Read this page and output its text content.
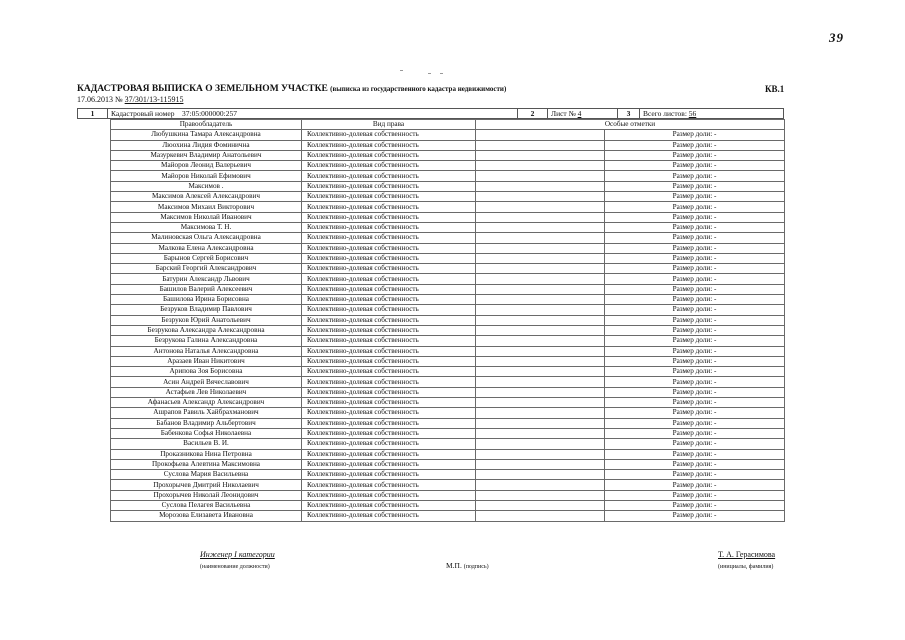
39
КАДАСТРОВАЯ ВЫПИСКА О ЗЕМЕЛЬНОМ УЧАСТКЕ (выписка из государственного кадастра недвижимости)	КВ.1
17.06.2013 № 37/301/13-115915
1	Кадастровый номер 37:05:000000:257	2	Лист № 4	3	Всего листов: 56
Правообладатель	Вид права	Особые отметки	
Любушкина Тамара Александровна	Коллективно-долевая собственность		Размер доли: -
Люохина Лидия Фоминична	Коллективно-долевая собственность		Размер доли: -
Мазуркевич Владимир Анатольевич	Коллективно-долевая собственность		Размер доли: -
Майоров Леонид Валерьевич	Коллективно-долевая собственность		Размер доли: -
Майоров Николай Ефимович	Коллективно-долевая собственность		Размер доли: -
Максимов .	Коллективно-долевая собственность		Размер доли: -
Максимов Алексей Александрович	Коллективно-долевая собственность		Размер доли: -
Максимов Михаил Викторович	Коллективно-долевая собственность		Размер доли: -
Максимов Николай Иванович	Коллективно-долевая собственность		Размер доли: -
Максимова Т. Н.	Коллективно-долевая собственность		Размер доли: -
Малиновская Ольга Александровна	Коллективно-долевая собственность		Размер доли: -
Малкова Елена Александровна	Коллективно-долевая собственность		Размер доли: -
Барынов Сергей Борисович	Коллективно-долевая собственность		Размер доли: -
Барский Георгий Александрович	Коллективно-долевая собственность		Размер доли: -
Батурин Александр Львович	Коллективно-долевая собственность		Размер доли: -
Башилов Валерий Алексеевич	Коллективно-долевая собственность		Размер доли: -
Башилова Ирина Борисовна	Коллективно-долевая собственность		Размер доли: -
Безруков Владимир Павлович	Коллективно-долевая собственность		Размер доли: -
Безруков Юрий Анатольевич	Коллективно-долевая собственность		Размер доли: -
Безрукова Александра Александровна	Коллективно-долевая собственность		Размер доли: -
Безрукова Галина Александровна	Коллективно-долевая собственность		Размер доли: -
Антонова Наталья Александровна	Коллективно-долевая собственность		Размер доли: -
Аразаев Иван Никитович	Коллективно-долевая собственность		Размер доли: -
Арипова Зоя Борисовна	Коллективно-долевая собственность		Размер доли: -
Асин Андрей Вячеславович	Коллективно-долевая собственность		Размер доли: -
Астафьев Лев Николаевич	Коллективно-долевая собственность		Размер доли: -
Афанасьев Александр Александрович	Коллективно-долевая собственность		Размер доли: -
Ашрапов Равиль Хайбрахманович	Коллективно-долевая собственность		Размер доли: -
Бабанов Владимир Альбертович	Коллективно-долевая собственность		Размер доли: -
Бабенкова Софья Николаевна	Коллективно-долевая собственность		Размер доли: -
Васильев В. И.	Коллективно-долевая собственность		Размер доли: -
Проказникова Нина Петровна	Коллективно-долевая собственность		Размер доли: -
Прокофьева Алевтина Максимовна	Коллективно-долевая собственность		Размер доли: -
Суслова Мария Васильевна	Коллективно-долевая собственность		Размер доли: -
Прохорычев Дмитрий Николаевич	Коллективно-долевая собственность		Размер доли: -
Прохорычев Николай Леонидович	Коллективно-долевая собственность		Размер доли: -
Суслова Пелагея Васильевна	Коллективно-долевая собственность		Размер доли: -
Морозова Елизавета Ивановна	Коллективно-долевая собственность		Размер доли: -
Инженер I категории
(наименование должности)	М.П. (подпись)
Т. А. Герасимова
(инициалы, фамилия)
